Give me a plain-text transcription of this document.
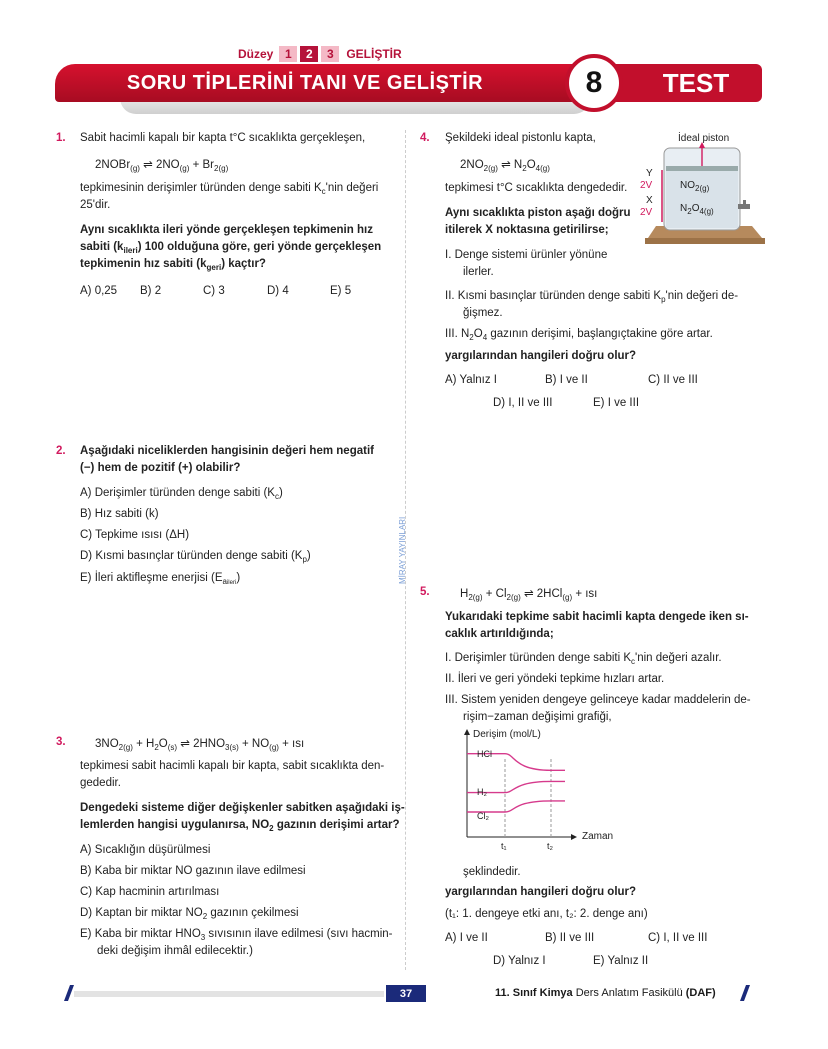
Düzey 1	2	3	GELİŞTİR
SORU TİPLERİNİ TANI VE GELİŞTİR	TEST
8
MİRAY YAYINLARI
1. Sabit hacimli kapalı bir kapta t°C sıcaklıkta gerçekleşen,
2NOBr$_{(g)}$ ⇌ $2NO_{(g)} + Br_{2(g)}$
tepkimesinin derişimler türünden denge sabiti $K_c'nin$ değeri
25'dir.
Aynı sıcaklıkta ileri yönde gerçekleşen tepkimenin hız
sabiti $(k_{ileri})$ 100 olduğuna göre, geri yönde gerçekleşen
tepkimenin hız sabiti $(k_{geri})$ kaçtır?
A) 0,25 B) 2	C) 3	D) 4	E) 5
2. Aşağıdaki niceliklerden hangisinin değeri hem negatif
(−) hem de pozitif (+) olabilir?
A) Derişimler türünden denge sabiti $(K_c)$
B) Hız sabiti (k)
C) Tepkime ısısı (ΔH)
D) Kısmi basınçlar türünden denge sabiti $(K_p)$
E) İleri aktifleşme enerjisi $(E_{aileri})$
3.	$3NO_{2(g)} + H_2O_{(s)}$ ⇌ $2HNO_{3(s)} + NO_{(g)}$ + ısı
tepkimesi sabit hacimli kapalı bir kapta, sabit sıcaklıkta den-
gededir.
Dengedeki sisteme diğer değişkenler sabitken aşağıdaki iş-
lemlerden hangisi uygulanırsa, $NO_2$ gazının derişimi artar?
A) Sıcaklığın düşürülmesi
B) Kaba bir miktar NO gazının ilave edilmesi
C) Kap hacminin artırılması
D) Kaptan bir miktar $NO_2$ gazının çekilmesi
E) Kaba bir miktar $HNO_3$ sıvısının ilave edilmesi (sıvı hacmin-
deki değişim ihmâl edilecektir.)
4. Şekildeki ideal pistonlu kapta,
$2NO_{2(g)}$ ⇌ $N_2O_{4(g)}$
tepkimesi t°C sıcaklıkta dengededir.
Aynı sıcaklıkta piston aşağı doğru
itilerek X noktasına getirilirse;
I. Denge sistemi ürünler yönüne
ilerler.
II. Kısmi basınçlar türünden denge sabiti $K_p'nin$ değeri de-
ğişmez.
III. $N_2O_4$ gazının derişimi, başlangıçtakine göre artar.
yargılarından hangileri doğru olur?
A) Yalnız I	B) I ve II	C) II ve III
D) I, II ve III	E) I ve III
İdeal piston
Y
2V
X
2V
$NO_{2(g)}$
$N_2O_{4(g)}$
5.	$H_{2(g)} + Cl_{2(g)}$ ⇌ 2HCl$_{(g)}$ + ısı
Yukarıdaki tepkime sabit hacimli kapta dengede iken sı-
caklık artırıldığında;
I. Derişimler türünden denge sabiti $K_c'nin$ değeri azalır.
II. İleri ve geri yöndeki tepkime hızları artar.
III. Sistem yeniden dengeye gelinceye kadar maddelerin de-
rişim−zaman değişimi grafiği,
Derişim (mol/L)
Zaman
t₁	t₂
HCl
H₂
Cl₂
şeklindedir.
yargılarından hangileri doğru olur?
(t₁: 1. dengeye etki anı, t₂: 2. denge anı)
A) I ve II	B) II ve III	C) I, II ve III
D) Yalnız I	E) Yalnız II
37	11. Sınıf Kimya Ders Anlatım Fasikülü (DAF)
